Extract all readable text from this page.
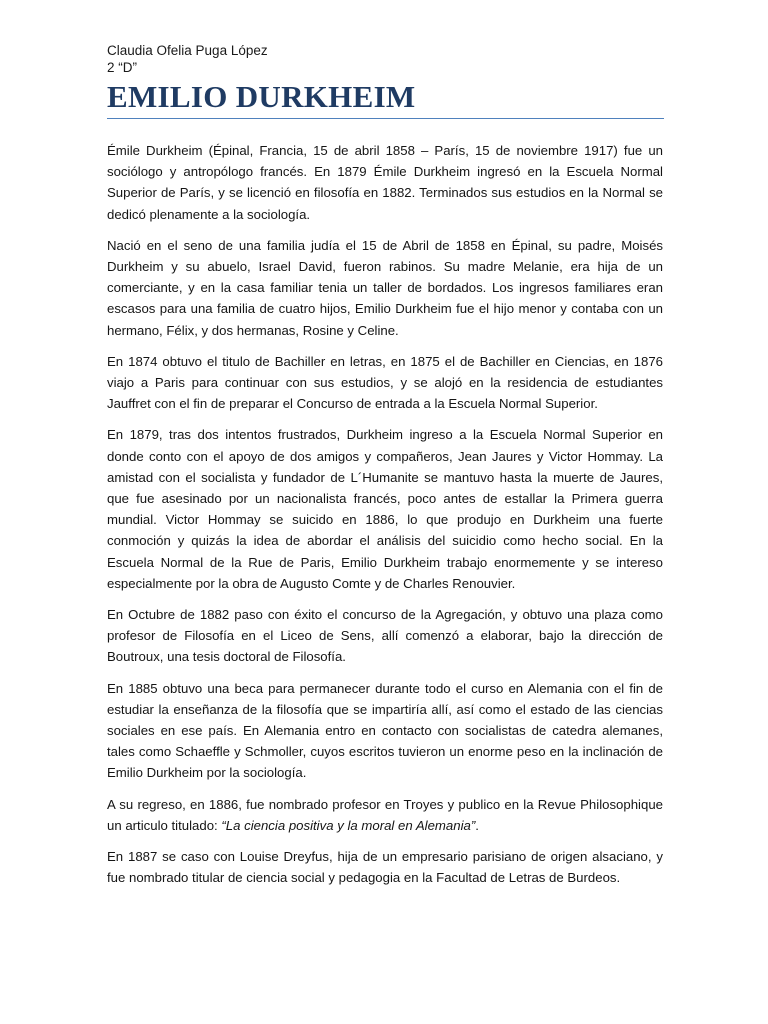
Claudia Ofelia Puga López

2 “D”

EMILIO DURKHEIM

Émile Durkheim (Épinal, Francia, 15 de abril 1858 – París, 15 de noviembre 1917) fue un sociólogo y antropólogo francés. En 1879 Émile Durkheim ingresó en la Escuela Normal Superior de París, y se licenció en filosofía en 1882. Terminados sus estudios en la Normal se dedicó plenamente a la sociología.

Nació en el seno de una familia judía el 15 de Abril de 1858 en Épinal, su padre, Moisés Durkheim y su abuelo, Israel David, fueron rabinos. Su madre Melanie, era hija de un comerciante, y en la casa familiar tenia un taller de bordados. Los ingresos familiares eran escasos para una familia de cuatro hijos, Emilio Durkheim fue el hijo menor y contaba con un hermano, Félix, y dos hermanas, Rosine y Celine.

En 1874 obtuvo el titulo de Bachiller en letras, en 1875 el de Bachiller en Ciencias, en 1876 viajo a Paris para continuar con sus estudios, y se alojó en la residencia de estudiantes Jauffret con el fin de preparar el Concurso de entrada a la Escuela Normal Superior.

En 1879, tras dos intentos frustrados, Durkheim ingreso a la Escuela Normal Superior en donde conto con el apoyo de dos amigos y compañeros, Jean Jaures y Victor Hommay. La amistad con el socialista y fundador de L´Humanite se mantuvo hasta la muerte de Jaures, que fue asesinado por un nacionalista francés, poco antes de estallar la Primera guerra mundial. Victor Hommay se suicido en 1886, lo que produjo en Durkheim una fuerte conmoción y quizás la idea de abordar el análisis del suicidio como hecho social. En la Escuela Normal de la Rue de Paris, Emilio Durkheim trabajo enormemente y se intereso especialmente por la obra de Augusto Comte y de Charles Renouvier.

En Octubre de 1882 paso con éxito el concurso de la Agregación, y obtuvo una plaza como profesor de Filosofía en el Liceo de Sens, allí comenzó a elaborar, bajo la dirección de Boutroux, una tesis doctoral de Filosofía.

En 1885 obtuvo una beca para permanecer durante todo el curso en Alemania con el fin de estudiar la enseñanza de la filosofía que se impartiría allí, así como el estado de las ciencias sociales en ese país. En Alemania entro en contacto con socialistas de catedra alemanes, tales como Schaeffle y Schmoller, cuyos escritos tuvieron un enorme peso en la inclinación de Emilio Durkheim por la sociología.

A su regreso, en 1886, fue nombrado profesor en Troyes y publico en la Revue Philosophique un articulo titulado: “La ciencia positiva y la moral en Alemania”.

En 1887 se caso con Louise Dreyfus, hija de un empresario parisiano de origen alsaciano, y fue nombrado titular de ciencia social y pedagogia en la Facultad de Letras de Burdeos.
